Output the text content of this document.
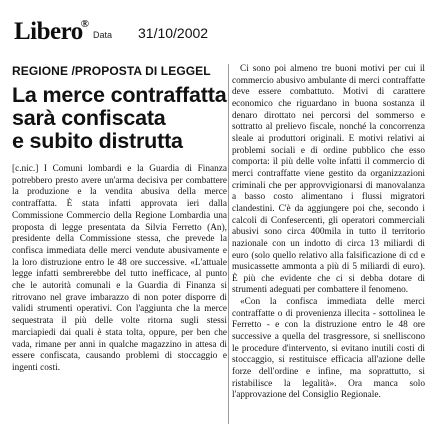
Libero®
Data 31/10/2002
REGIONE /PROPOSTA DI LEGGEL
La merce contraffatta
sarà confiscata
e subito distrutta
[c.nic.] I Comuni lombardi e la Guardia di Finanza potrebbero presto avere un'arma decisiva per combattere la produzione e la vendita abusiva della merce contraffatta. È stata infatti approvata ieri dalla Commissione Commercio della Regione Lombardia una proposta di legge presentata da Silvia Ferretto (An), presidente della Commissione stessa, che prevede la confisca immediata delle merci vendute abusivamente e la loro distruzione entro le 48 ore successive. «L'attuale legge infatti sembrerebbe del tutto inefficace, al punto che le autorità comunali e la Guardia di Finanza si ritrovano nel grave imbarazzo di non poter disporre di validi strumenti operativi. Con l'aggiunta che la merce sequestrata il più delle volte ritorna sugli stessi marciapiedi dai quali è stata tolta, oppure, per ben che vada, rimane per anni in qualche magazzino in attesa di essere confiscata, causando problemi di stoccaggio e ingenti costi.

Ci sono poi almeno tre buoni motivi per cui il commercio abusivo ambulante di merci contraffatte deve essere combattuto. Motivi di carattere economico che riguardano in buona sostanza il denaro dirottato nei percorsi del sommerso e sottratto al prelievo fiscale, nonché la concorrenza sleale ai produttori originali. E motivi relativi ai problemi sociali e di ordine pubblico che esso comporta: il più delle volte infatti il commercio di merci contraffatte viene gestito da organizzazioni criminali che per approvvigionarsi di manovalanza a basso costo alimentano i flussi migratori clandestini. C'è da aggiungere poi che, secondo i calcoli di Confesercenti, gli operatori commerciali abusivi sono circa 400mila in tutto il territorio nazionale con un indotto di circa 13 miliardi di euro (solo quello relativo alla falsificazione di cd e musicassette ammonta a più di 5 miliardi di euro). È più che evidente che ci si debba dotare di strumenti adeguati per combattere il fenomeno.

«Con la confisca immediata delle merci contraffatte o di provenienza illecita - sottolinea le Ferretto - e con la distruzione entro le 48 ore successive a quella del trasgressore, si snelliscono le procedure d'intervento, si evitano inutili costi di stoccaggio, si restituisce efficacia all'azione delle forze dell'ordine e infine, ma soprattutto, si ristabilisce la legalità». Ora manca solo l'approvazione del Consiglio Regionale.
